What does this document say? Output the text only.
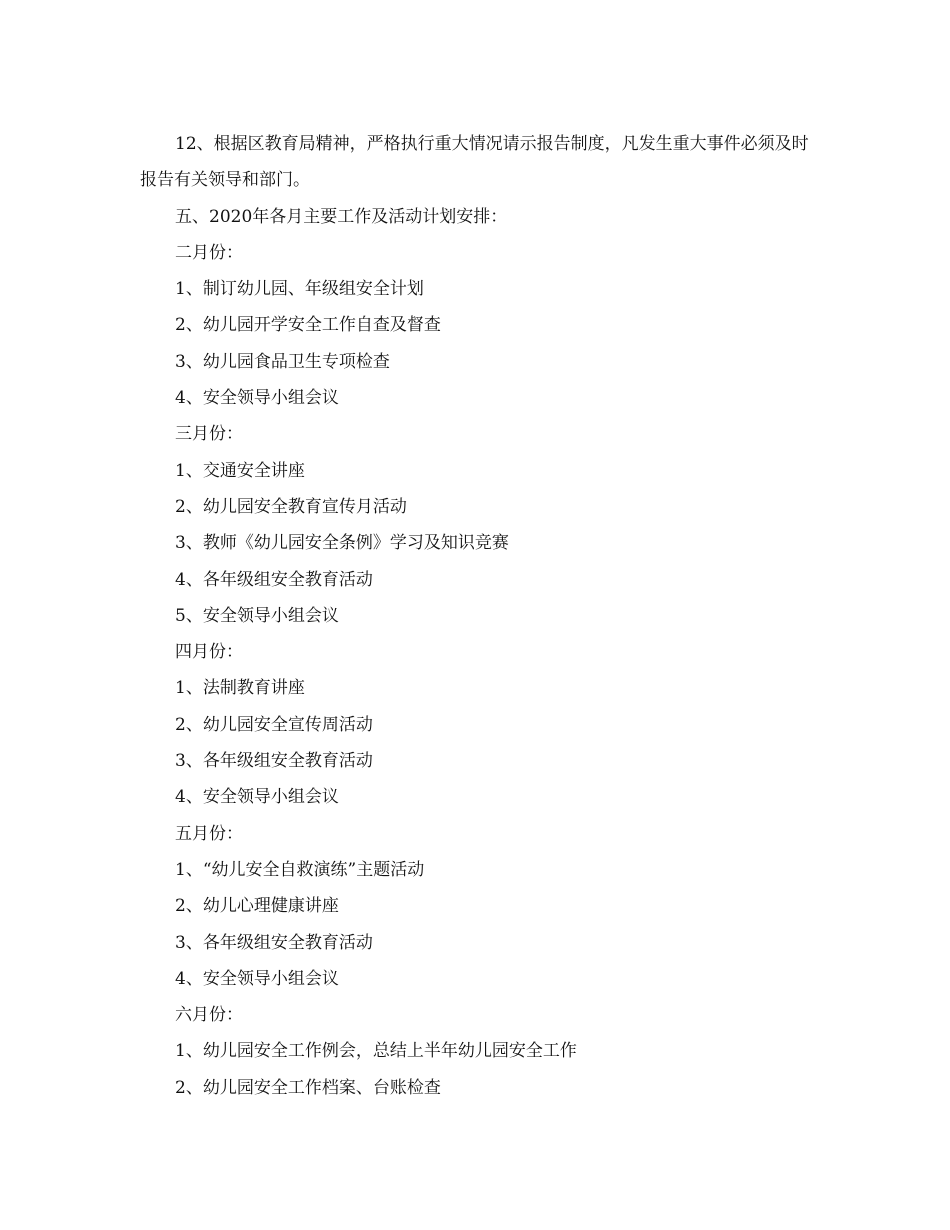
12、根据区教育局精神，严格执行重大情况请示报告制度，凡发生重大事件必须及时报告有关领导和部门。

五、2020年各月主要工作及活动计划安排：

二月份：

1、制订幼儿园、年级组安全计划

2、幼儿园开学安全工作自查及督查

3、幼儿园食品卫生专项检查

4、安全领导小组会议

三月份：

1、交通安全讲座

2、幼儿园安全教育宣传月活动

3、教师《幼儿园安全条例》学习及知识竞赛

4、各年级组安全教育活动

5、安全领导小组会议

四月份：

1、法制教育讲座

2、幼儿园安全宣传周活动

3、各年级组安全教育活动

4、安全领导小组会议

五月份：

1、“幼儿安全自救演练”主题活动

2、幼儿心理健康讲座

3、各年级组安全教育活动

4、安全领导小组会议

六月份：

1、幼儿园安全工作例会，总结上半年幼儿园安全工作

2、幼儿园安全工作档案、台账检查
